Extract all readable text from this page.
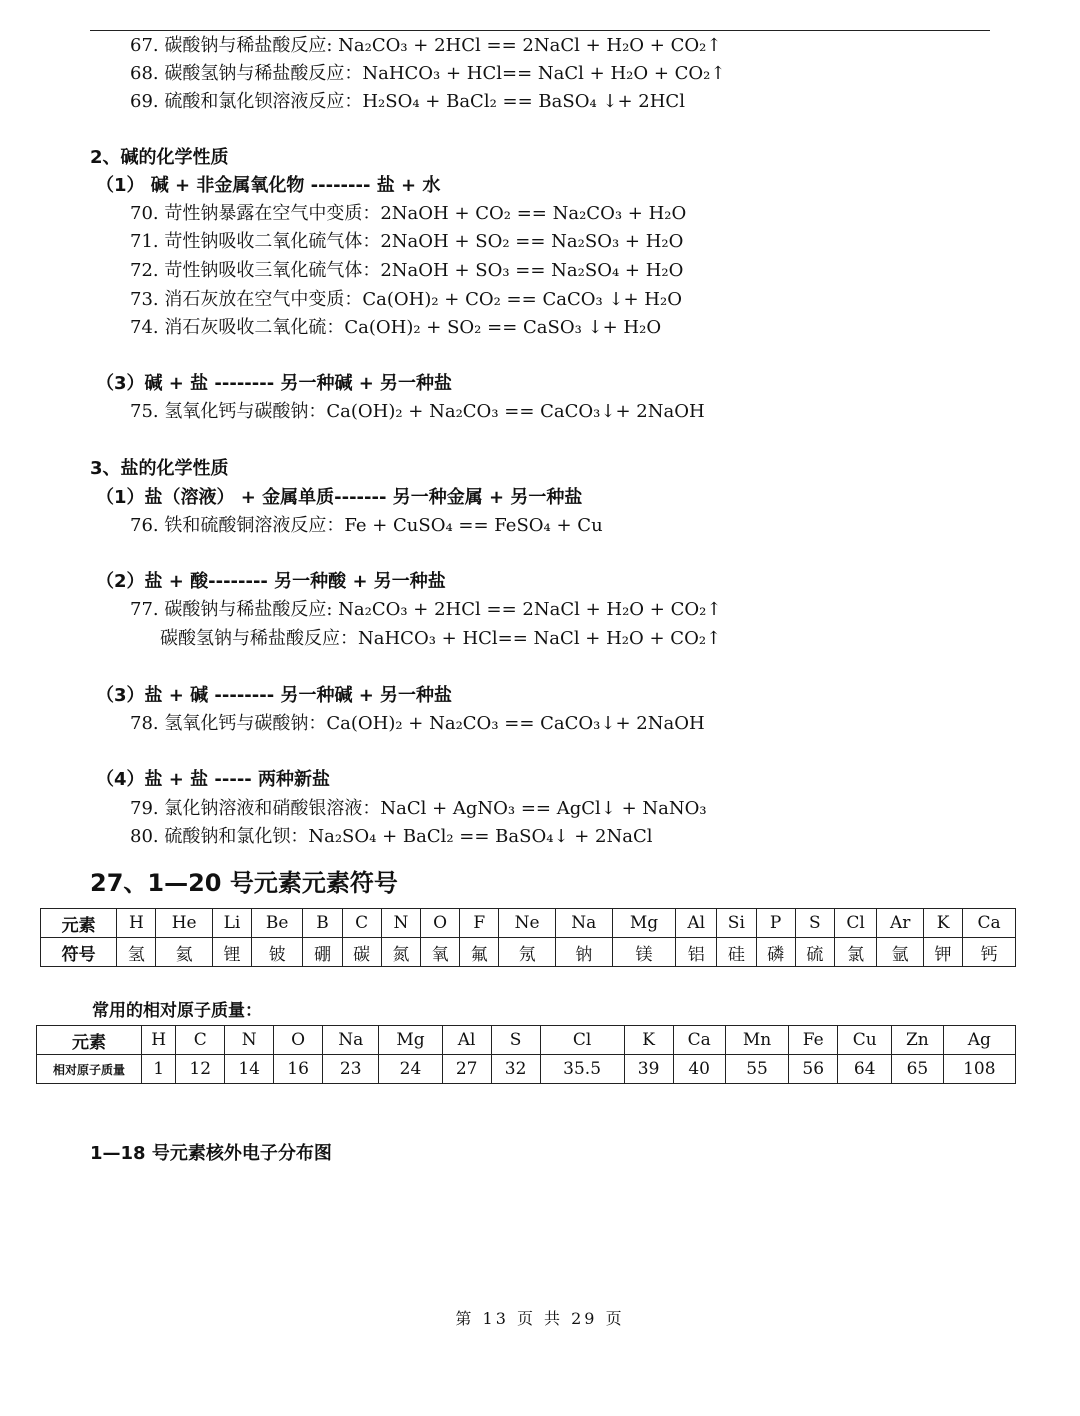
67. 碳酸钠与稀盐酸反应: Na₂CO₃ + 2HCl == 2NaCl + H₂O + CO₂↑
68. 碳酸氢钠与稀盐酸反应：NaHCO₃ + HCl== NaCl + H₂O + CO₂↑
69. 硫酸和氯化钡溶液反应：H₂SO₄ + BaCl₂ == BaSO₄ ↓+ 2HCl
2、碱的化学性质
（1） 碱 + 非金属氧化物 -------- 盐 + 水
70. 苛性钠暴露在空气中变质：2NaOH + CO₂ == Na₂CO₃ + H₂O
71. 苛性钠吸收二氧化硫气体：2NaOH + SO₂ == Na₂SO₃ + H₂O
72. 苛性钠吸收三氧化硫气体：2NaOH + SO₃ == Na₂SO₄ + H₂O
73. 消石灰放在空气中变质：Ca(OH)₂ + CO₂ == CaCO₃ ↓+ H₂O
74. 消石灰吸收二氧化硫：Ca(OH)₂ + SO₂ == CaSO₃ ↓+ H₂O
（3）碱 + 盐 -------- 另一种碱 + 另一种盐
75. 氢氧化钙与碳酸钠：Ca(OH)₂ + Na₂CO₃ == CaCO₃↓+ 2NaOH
3、盐的化学性质
（1）盐（溶液） + 金属单质------- 另一种金属 + 另一种盐
76. 铁和硫酸铜溶液反应：Fe + CuSO₄ == FeSO₄ + Cu
（2）盐 + 酸-------- 另一种酸 + 另一种盐
77. 碳酸钠与稀盐酸反应: Na₂CO₃ + 2HCl == 2NaCl + H₂O + CO₂↑
碳酸氢钠与稀盐酸反应：NaHCO₃ + HCl== NaCl + H₂O + CO₂↑
（3）盐 + 碱 -------- 另一种碱 + 另一种盐
78. 氢氧化钙与碳酸钠：Ca(OH)₂ + Na₂CO₃ == CaCO₃↓+ 2NaOH
（4）盐 + 盐 ----- 两种新盐
79. 氯化钠溶液和硝酸银溶液：NaCl + AgNO₃ == AgCl↓ + NaNO₃
80. 硫酸钠和氯化钡：Na₂SO₄ + BaCl₂ == BaSO₄↓ + 2NaCl
27、1—20 号元素元素符号
元素	H	He	Li	Be	B	C	N	O	F	Ne	Na	Mg	Al	Si	P	S	Cl	Ar	K	Ca
符号	氢	氦	锂	铍	硼	碳	氮	氧	氟	氖	钠	镁	铝	硅	磷	硫	氯	氩	钾	钙
常用的相对原子质量：
元素	H	C	N	O	Na	Mg	Al	S	Cl	K	Ca	Mn	Fe	Cu	Zn	Ag
相对原子质量	1	12	14	16	23	24	27	32	35.5	39	40	55	56	64	65	108
1—18 号元素核外电子分布图
第 13 页 共 29 页
